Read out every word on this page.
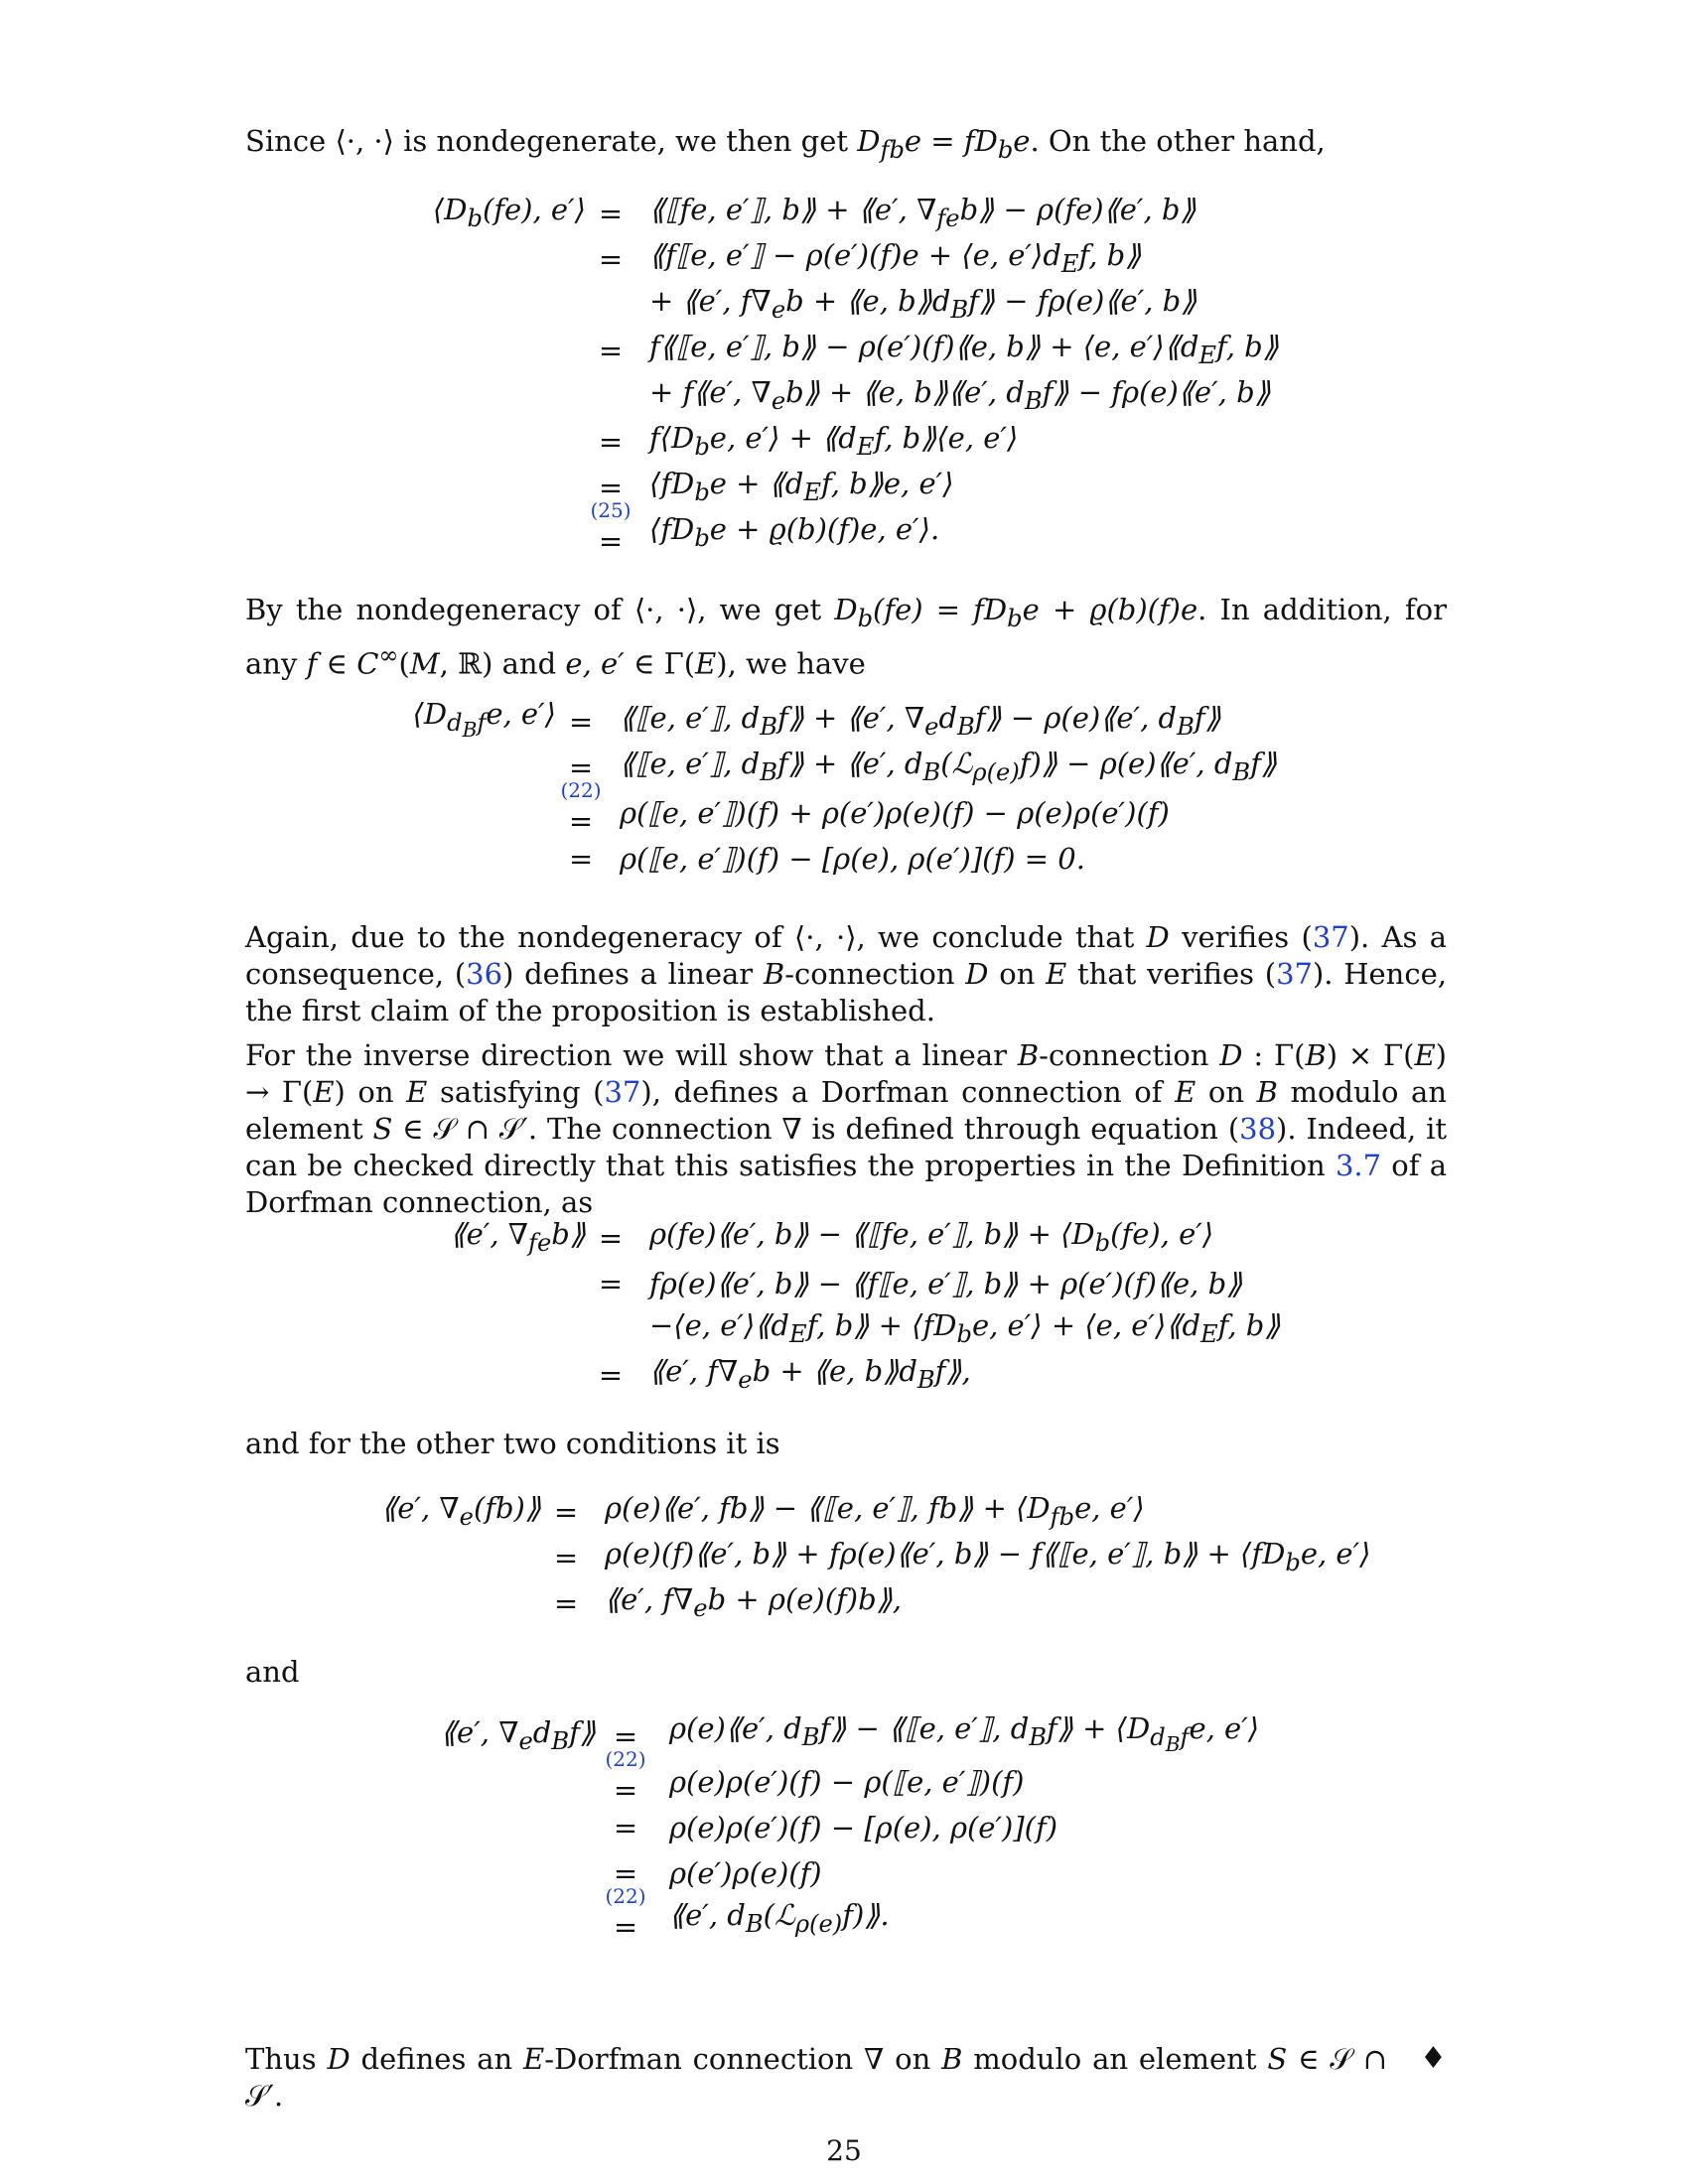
Since ⟨·, ·⟩ is nondegenerate, we then get $D_{fb}e = fD_be$. On the other hand,
$⟨D_b(fe)$, e′⟩ = ⟪⟦fe, e′⟧, b⟫ + ⟪e′, $\nabla_{fe}b⟫$ − ρ(fe)⟪e′, b⟫
= ⟪f⟦e, e′⟧ − ρ(e′)(f)e + ⟨e, $e'⟩d_Ef$, b⟫
+ ⟪e′, $f\nabla_eb$ + ⟪e, $b⟫d_Bf⟫$ − fρ(e)⟪e′, b⟫
= f⟪⟦e, e′⟧, b⟫ − ρ(e′)(f)⟪e, b⟫ + ⟨e, $e'⟩⟪d_Ef$, b⟫
+ f⟪e′, $\nabla_eb⟫$ + ⟪e, b⟫⟪e′, $d_Bf⟫$ − fρ(e)⟪e′, b⟫
= $f⟨D_be$, e′⟩ + $⟪d_Ef$, b⟫⟨e, e′⟩
= $⟨fD_be$ + $⟪d_Ef$, b⟫e, e′⟩
(25)
= $⟨fD_be + ϱ(b)(f)e$, e′⟩.
By the nondegeneracy of ⟨·, ·⟩, we get $D_b(fe) = fD_be + ϱ(b)(f)e$. In addition, for any f ∈ C∞(M, ℝ) and e, e′ ∈ Γ(E), we have
$⟨D_{d_Bf}e$, e′⟩ = ⟪⟦e, e′⟧, $d_Bf⟫$ + ⟪e′, $\nabla_ed_Bf⟫$ − ρ(e)⟪e′, $d_Bf⟫$
= ⟪⟦e, e′⟧, $d_Bf⟫$ + ⟪e′, $d_B(ℒ_{\rho(e)}f)⟫$ − ρ(e)⟪e′, $d_Bf⟫$
(22)
= ρ(⟦e, e′⟧)(f) + ρ(e′)ρ(e)(f) − ρ(e)ρ(e′)(f)
= ρ(⟦e, e′⟧)(f) − [ρ(e), ρ(e′)](f) = 0.
Again, due to the nondegeneracy of ⟨·, ·⟩, we conclude that D verifies (37). As a consequence, (36) defines a linear B-connection D on E that verifies (37). Hence, the first claim of the proposition is established.
For the inverse direction we will show that a linear B-connection D : Γ(B) × Γ(E) → Γ(E) on E satisfying (37), defines a Dorfman connection of E on B modulo an element S ∈ 𝒮 ∩ 𝒮′. The connection ∇ is defined through equation (38). Indeed, it can be checked directly that this satisfies the properties in the Definition 3.7 of a Dorfman connection, as
⟪e′, $\nabla_{fe}b⟫$ = ρ(fe)⟪e′, b⟫ − ⟪⟦fe, e′⟧, b⟫ + $⟨D_b(fe)$, e′⟩
= fρ(e)⟪e′, b⟫ − ⟪f⟦e, e′⟧, b⟫ + ρ(e′)(f)⟪e, b⟫
−⟨e, $e'⟩⟪d_Ef$, b⟫ + $⟨fD_be$, e′⟩ + ⟨e, $e'⟩⟪d_Ef$, b⟫
= ⟪e′, $f\nabla_eb$ + ⟪e, $b⟫d_Bf⟫$,
and for the other two conditions it is
⟪e′, $\nabla_e(fb)⟫$ = ρ(e)⟪e′, fb⟫ − ⟪⟦e, e′⟧, fb⟫ + $⟨D_{fb}e$, e′⟩
= ρ(e)(f)⟪e′, b⟫ + fρ(e)⟪e′, b⟫ − f⟪⟦e, e′⟧, b⟫ + $⟨fD_be$, e′⟩
= ⟪e′, $f\nabla_eb$ + ρ(e)(f)b⟫,
and
⟪e′, $\nabla_ed_Bf⟫$ =	ρ(e)⟪e′, $d_Bf⟫$ − ⟪⟦e, e′⟧, $d_Bf⟫$ + $⟨D_{d_Bf}e$, e′⟩
(22)
=	ρ(e)ρ(e′)(f) − ρ(⟦e, e′⟧)(f)
=	ρ(e)ρ(e′)(f) − [ρ(e), ρ(e′)](f)
=	ρ(e′)ρ(e)(f)
(22)
=	⟪e′, $d_B(ℒ_{\rho(e)}f)⟫$.
Thus D defines an E-Dorfman connection ∇ on B modulo an element S ∈ 𝒮 ∩ 𝒮′.
♦
25
